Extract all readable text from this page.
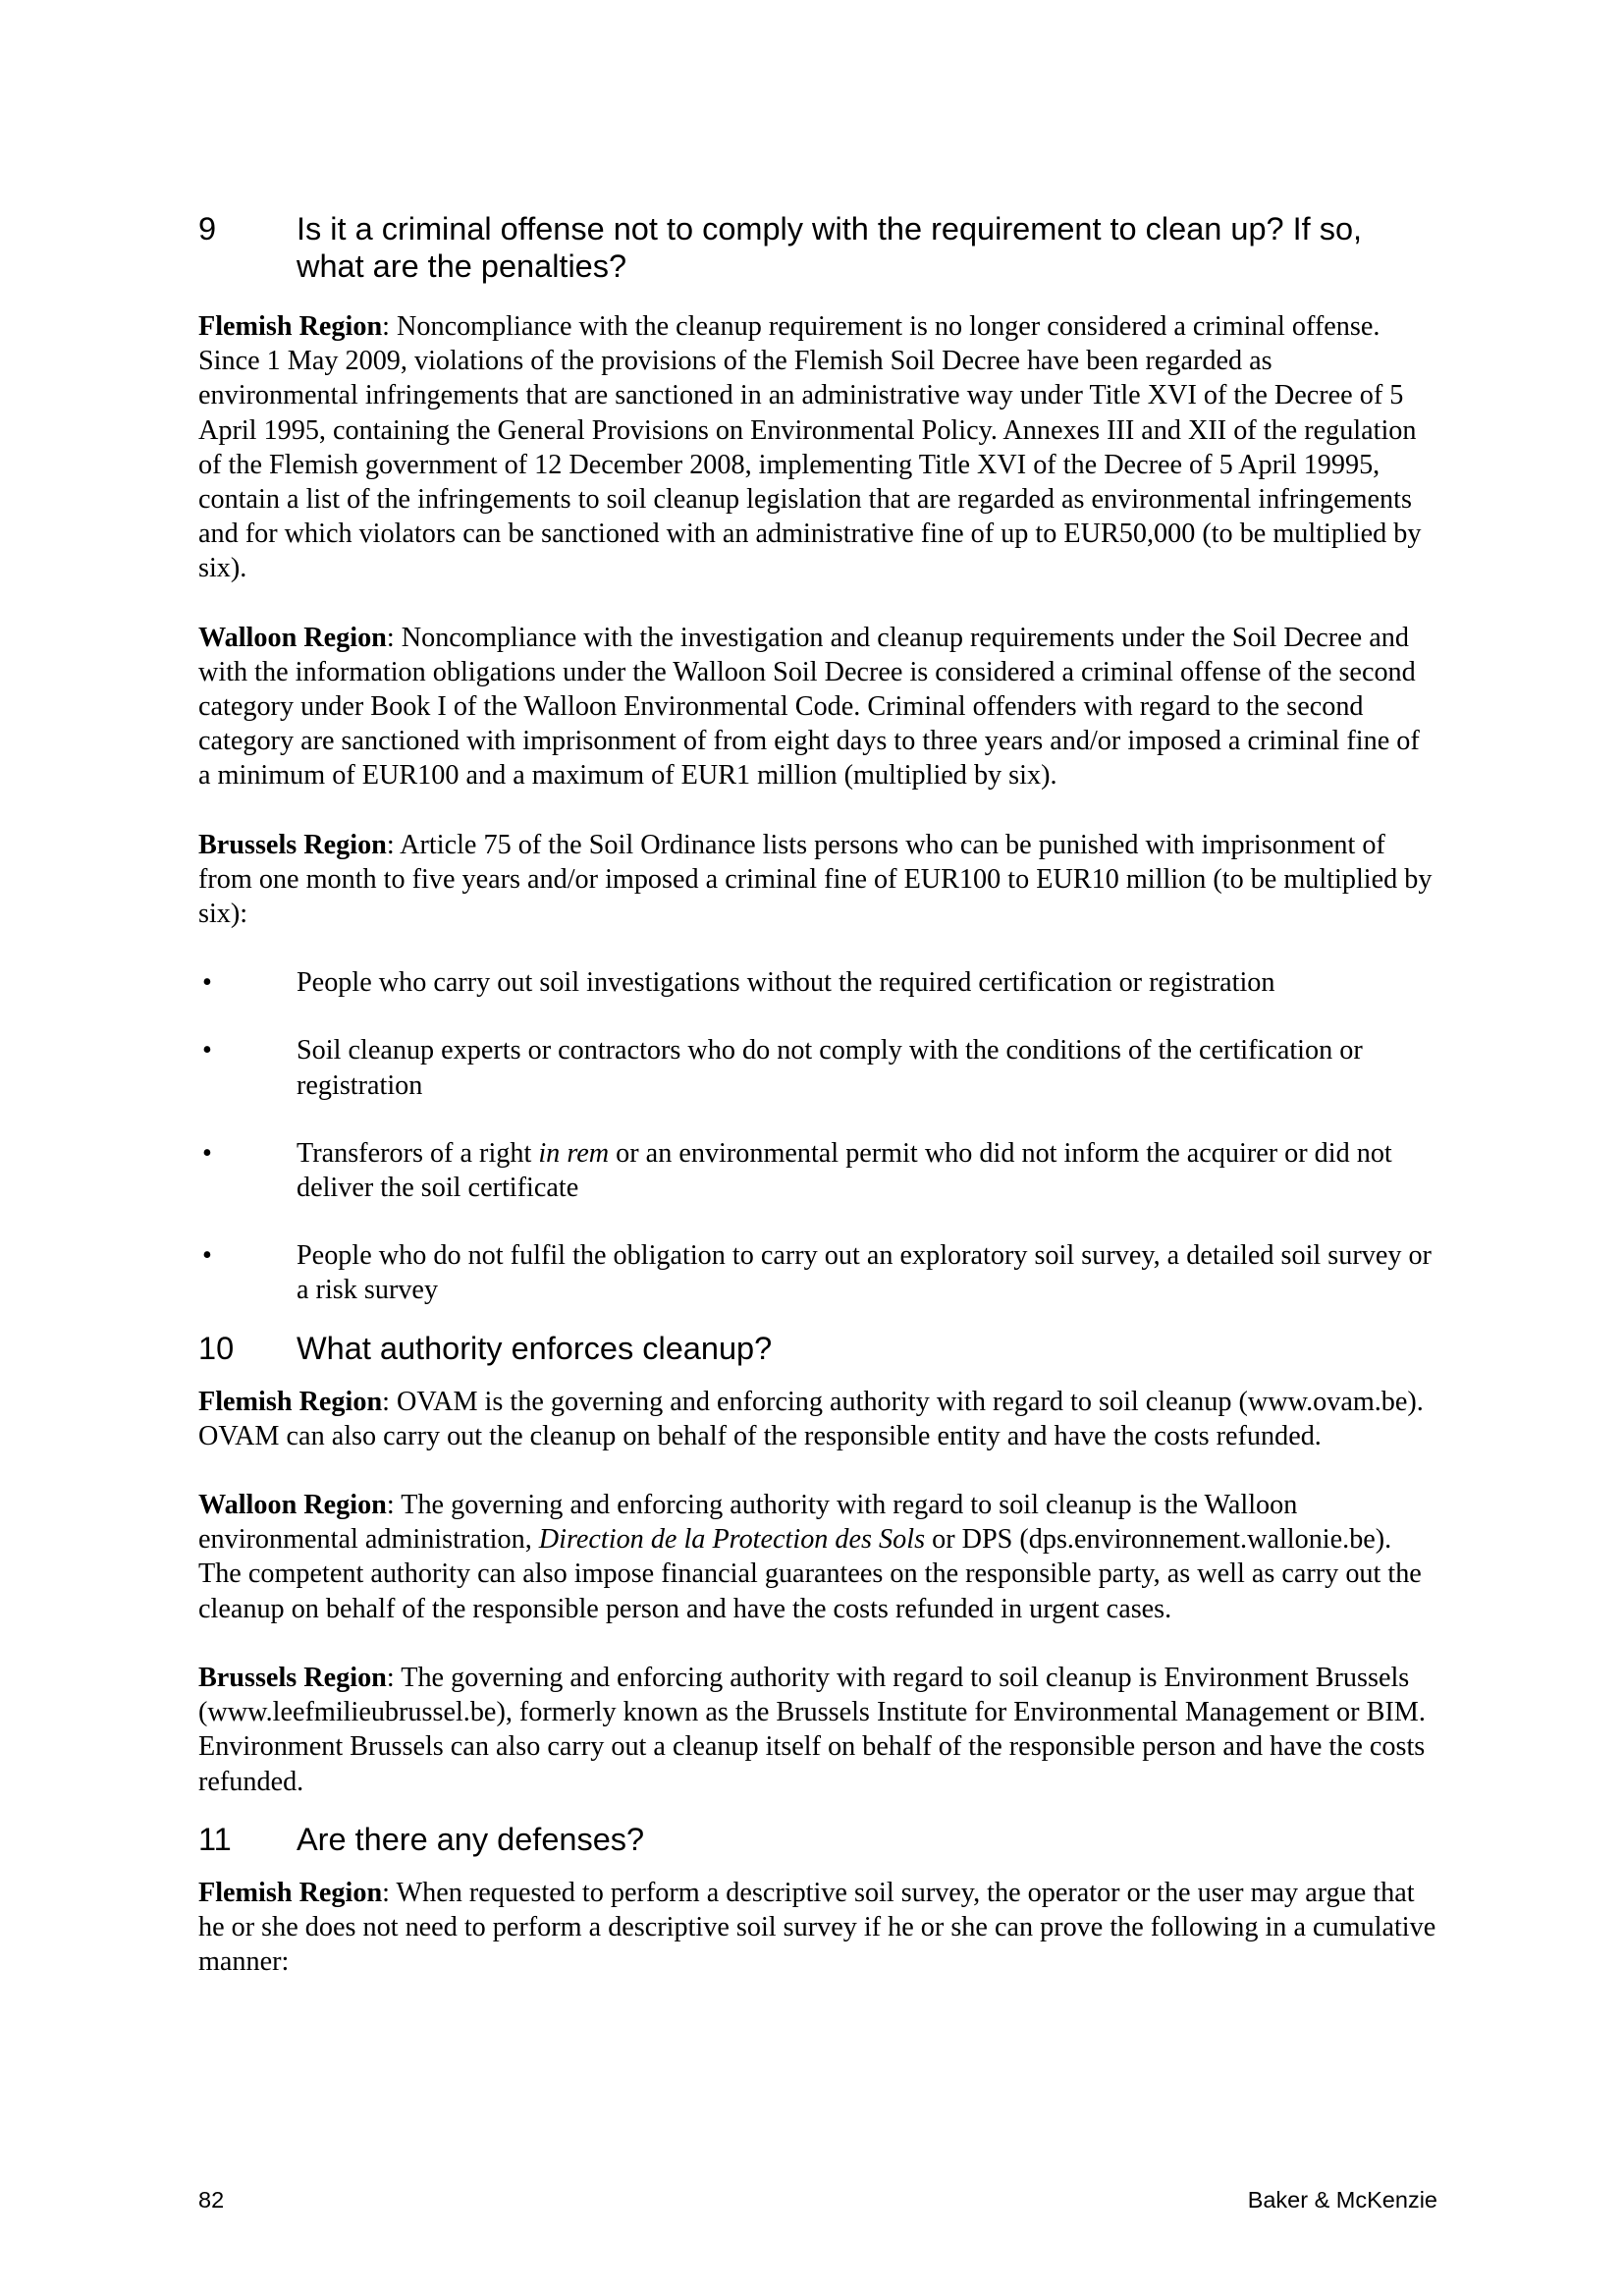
9	Is it a criminal offense not to comply with the requirement to clean up? If so, what are the penalties?

Flemish Region: Noncompliance with the cleanup requirement is no longer considered a criminal offense. Since 1 May 2009, violations of the provisions of the Flemish Soil Decree have been regarded as environmental infringements that are sanctioned in an administrative way under Title XVI of the Decree of 5 April 1995, containing the General Provisions on Environmental Policy. Annexes III and XII of the regulation of the Flemish government of 12 December 2008, implementing Title XVI of the Decree of 5 April 19995, contain a list of the infringements to soil cleanup legislation that are regarded as environmental infringements and for which violators can be sanctioned with an administrative fine of up to EUR50,000 (to be multiplied by six).

Walloon Region: Noncompliance with the investigation and cleanup requirements under the Soil Decree and with the information obligations under the Walloon Soil Decree is considered a criminal offense of the second category under Book I of the Walloon Environmental Code. Criminal offenders with regard to the second category are sanctioned with imprisonment of from eight days to three years and/or imposed a criminal fine of a minimum of EUR100 and a maximum of EUR1 million (multiplied by six).

Brussels Region: Article 75 of the Soil Ordinance lists persons who can be punished with imprisonment of from one month to five years and/or imposed a criminal fine of EUR100 to EUR10 million (to be multiplied by six):

•	People who carry out soil investigations without the required certification or registration
•	Soil cleanup experts or contractors who do not comply with the conditions of the certification or registration
•	Transferors of a right in rem or an environmental permit who did not inform the acquirer or did not deliver the soil certificate
•	People who do not fulfil the obligation to carry out an exploratory soil survey, a detailed soil survey or a risk survey
10	What authority enforces cleanup?

Flemish Region: OVAM is the governing and enforcing authority with regard to soil cleanup (www.ovam.be). OVAM can also carry out the cleanup on behalf of the responsible entity and have the costs refunded.

Walloon Region: The governing and enforcing authority with regard to soil cleanup is the Walloon environmental administration, Direction de la Protection des Sols or DPS (dps.environnement.wallonie.be). The competent authority can also impose financial guarantees on the responsible party, as well as carry out the cleanup on behalf of the responsible person and have the costs refunded in urgent cases.

Brussels Region: The governing and enforcing authority with regard to soil cleanup is Environment Brussels (www.leefmilieubrussel.be), formerly known as the Brussels Institute for Environmental Management or BIM. Environment Brussels can also carry out a cleanup itself on behalf of the responsible person and have the costs refunded.

11	Are there any defenses?

Flemish Region: When requested to perform a descriptive soil survey, the operator or the user may argue that he or she does not need to perform a descriptive soil survey if he or she can prove the following in a cumulative manner:

82	Baker & McKenzie
